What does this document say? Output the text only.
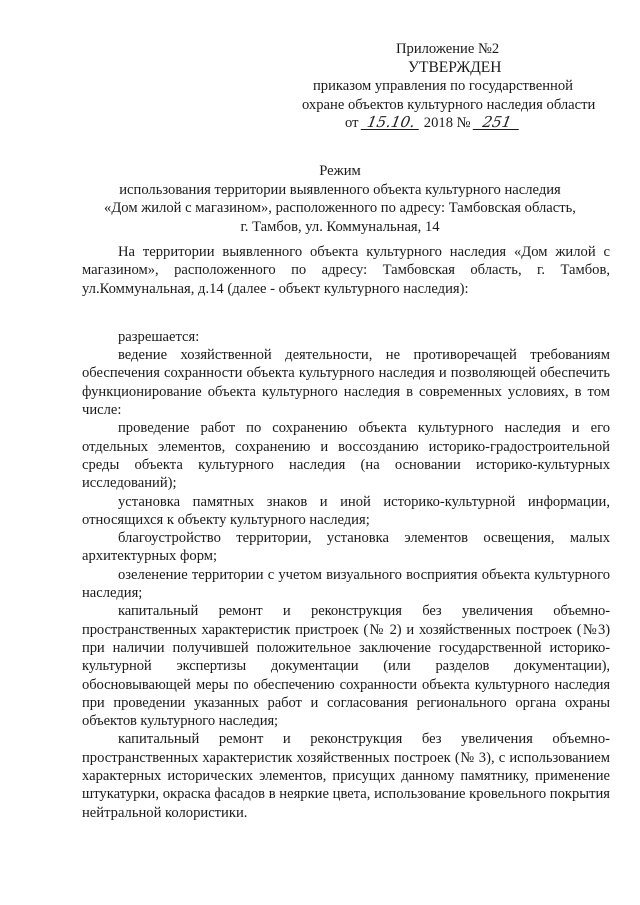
Приложение №2
УТВЕРЖДЕН
приказом управления по государственной
охране объектов культурного наследия области
от 15.10. 2018 № 251
Режим
использования территории выявленного объекта культурного наследия
«Дом жилой с магазином», расположенного по адресу: Тамбовская область,
г. Тамбов, ул. Коммунальная, 14

На территории выявленного объекта культурного наследия «Дом жилой с магазином», расположенного по адресу: Тамбовская область, г. Тамбов, ул.Коммунальная, д.14 (далее - объект культурного наследия):

разрешается:

ведение хозяйственной деятельности, не противоречащей требованиям обеспечения сохранности объекта культурного наследия и позволяющей обеспечить функционирование объекта культурного наследия в современных условиях, в том числе:

проведение работ по сохранению объекта культурного наследия и его отдельных элементов, сохранению и воссозданию историко-градостроительной среды объекта культурного наследия (на основании историко-культурных исследований);

установка памятных знаков и иной историко-культурной информации, относящихся к объекту культурного наследия;

благоустройство территории, установка элементов освещения, малых архитектурных форм;

озеленение территории с учетом визуального восприятия объекта культурного наследия;

капитальный ремонт и реконструкция без увеличения объемно-пространственных характеристик пристроек (№ 2) и хозяйственных построек (№3) при наличии получившей положительное заключение государственной историко-культурной экспертизы документации (или разделов документации), обосновывающей меры по обеспечению сохранности объекта культурного наследия при проведении указанных работ и согласования регионального органа охраны объектов культурного наследия;

капитальный ремонт и реконструкция без увеличения объемно-пространственных характеристик хозяйственных построек (№ 3), с использованием характерных исторических элементов, присущих данному памятнику, применение штукатурки, окраска фасадов в неяркие цвета, использование кровельного покрытия нейтральной колористики.
